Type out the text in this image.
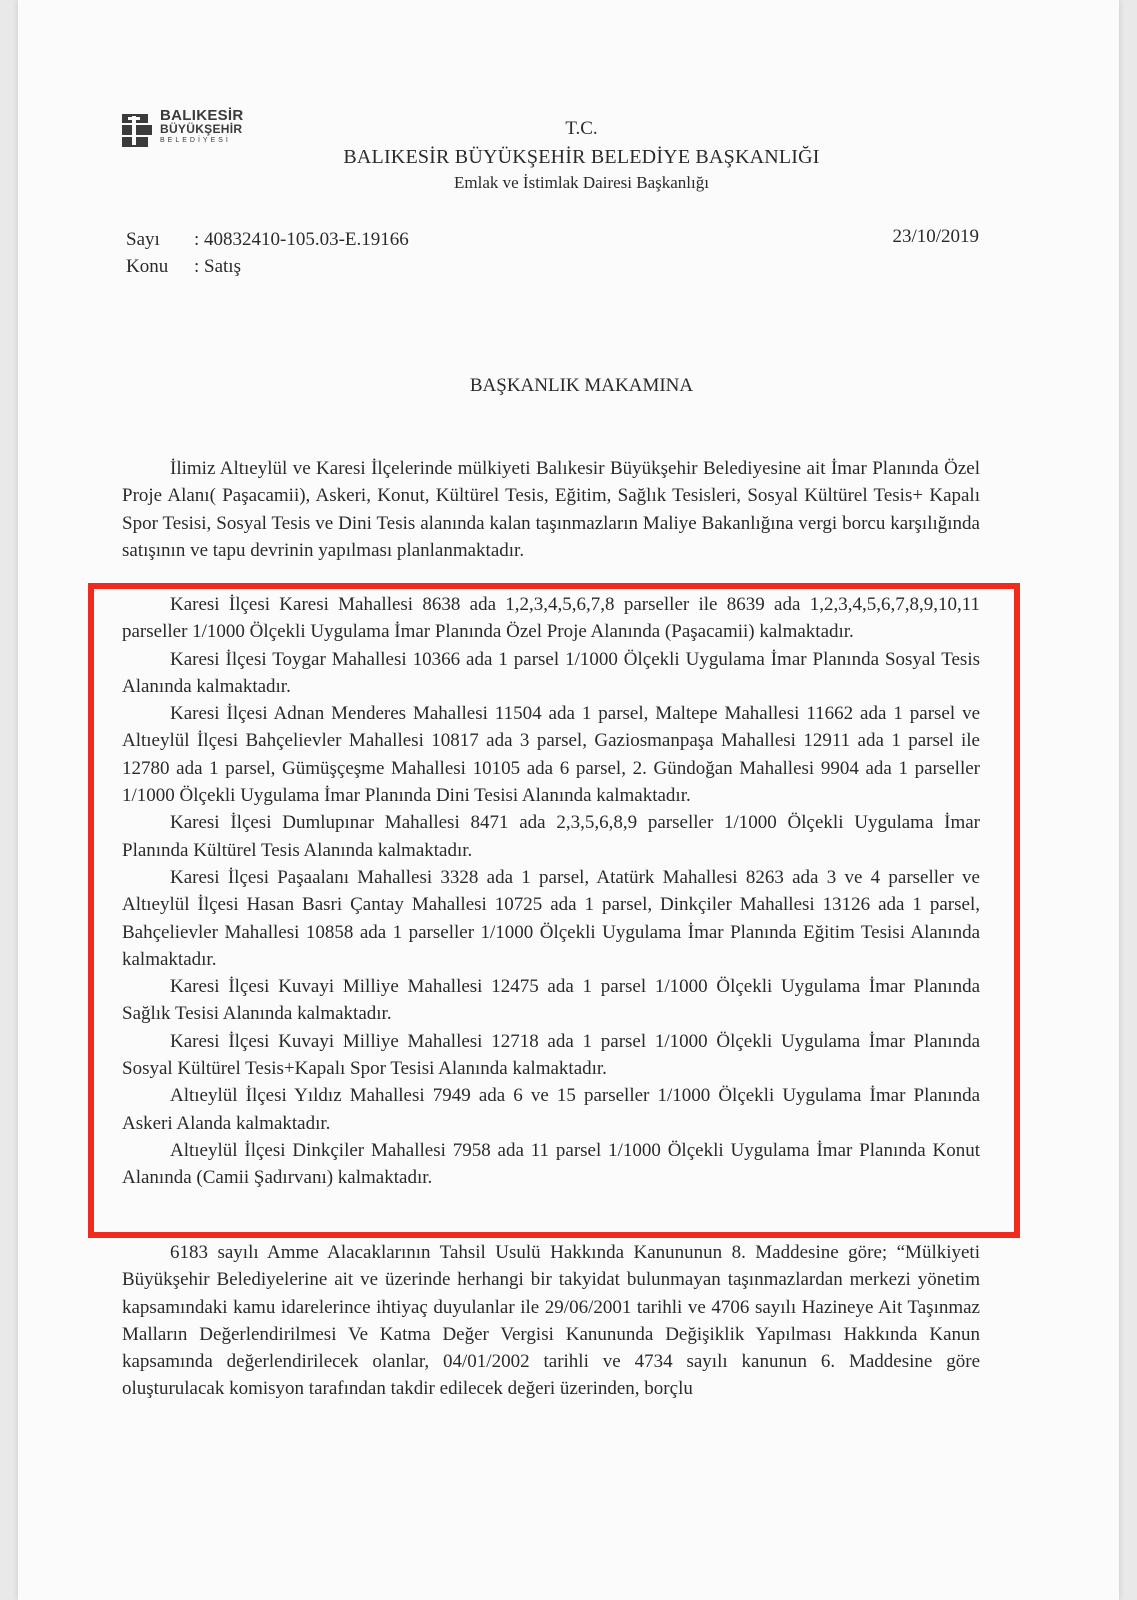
BALIKESİR
BÜYÜKŞEHİR
BELEDİYESİ
T.C.
BALIKESİR BÜYÜKŞEHİR BELEDİYE BAŞKANLIĞI
Emlak ve İstimlak Dairesi Başkanlığı
Sayı : 40832410-105.03-E.19166
Konu : Satış
23/10/2019
BAŞKANLIK MAKAMINA

İlimiz Altıeylül ve Karesi İlçelerinde mülkiyeti Balıkesir Büyükşehir Belediyesine ait İmar Planında Özel Proje Alanı( Paşacamii), Askeri, Konut, Kültürel Tesis, Eğitim, Sağlık Tesisleri, Sosyal Kültürel Tesis+ Kapalı Spor Tesisi, Sosyal Tesis ve Dini Tesis alanında kalan taşınmazların Maliye Bakanlığına vergi borcu karşılığında satışının ve tapu devrinin yapılması planlanmaktadır.

Karesi İlçesi Karesi Mahallesi 8638 ada 1,2,3,4,5,6,7,8 parseller ile 8639 ada 1,2,3,4,5,6,7,8,9,10,11 parseller 1/1000 Ölçekli Uygulama İmar Planında Özel Proje Alanında (Paşacamii) kalmaktadır.

Karesi İlçesi Toygar Mahallesi 10366 ada 1 parsel 1/1000 Ölçekli Uygulama İmar Planında Sosyal Tesis Alanında kalmaktadır.

Karesi İlçesi Adnan Menderes Mahallesi 11504 ada 1 parsel, Maltepe Mahallesi 11662 ada 1 parsel ve Altıeylül İlçesi Bahçelievler Mahallesi 10817 ada 3 parsel, Gaziosmanpaşa Mahallesi 12911 ada 1 parsel ile 12780 ada 1 parsel, Gümüşçeşme Mahallesi 10105 ada 6 parsel, 2. Gündoğan Mahallesi 9904 ada 1 parseller 1/1000 Ölçekli Uygulama İmar Planında Dini Tesisi Alanında kalmaktadır.

Karesi İlçesi Dumlupınar Mahallesi 8471 ada 2,3,5,6,8,9 parseller 1/1000 Ölçekli Uygulama İmar Planında Kültürel Tesis Alanında kalmaktadır.

Karesi İlçesi Paşaalanı Mahallesi 3328 ada 1 parsel, Atatürk Mahallesi 8263 ada 3 ve 4 parseller ve Altıeylül İlçesi Hasan Basri Çantay Mahallesi 10725 ada 1 parsel, Dinkçiler Mahallesi 13126 ada 1 parsel, Bahçelievler Mahallesi 10858 ada 1 parseller 1/1000 Ölçekli Uygulama İmar Planında Eğitim Tesisi Alanında kalmaktadır.

Karesi İlçesi Kuvayi Milliye Mahallesi 12475 ada 1 parsel 1/1000 Ölçekli Uygulama İmar Planında Sağlık Tesisi Alanında kalmaktadır.

Karesi İlçesi Kuvayi Milliye Mahallesi 12718 ada 1 parsel 1/1000 Ölçekli Uygulama İmar Planında Sosyal Kültürel Tesis+Kapalı Spor Tesisi Alanında kalmaktadır.

Altıeylül İlçesi Yıldız Mahallesi 7949 ada 6 ve 15 parseller 1/1000 Ölçekli Uygulama İmar Planında Askeri Alanda kalmaktadır.

Altıeylül İlçesi Dinkçiler Mahallesi 7958 ada 11 parsel 1/1000 Ölçekli Uygulama İmar Planında Konut Alanında (Camii Şadırvanı) kalmaktadır.

6183 sayılı Amme Alacaklarının Tahsil Usulü Hakkında Kanununun 8. Maddesine göre; “Mülkiyeti Büyükşehir Belediyelerine ait ve üzerinde herhangi bir takyidat bulunmayan taşınmazlardan merkezi yönetim kapsamındaki kamu idarelerince ihtiyaç duyulanlar ile 29/06/2001 tarihli ve 4706 sayılı Hazineye Ait Taşınmaz Malların Değerlendirilmesi Ve Katma Değer Vergisi Kanununda Değişiklik Yapılması Hakkında Kanun kapsamında değerlendirilecek olanlar, 04/01/2002 tarihli ve 4734 sayılı kanunun 6. Maddesine göre oluşturulacak komisyon tarafından takdir edilecek değeri üzerinden, borçlu
